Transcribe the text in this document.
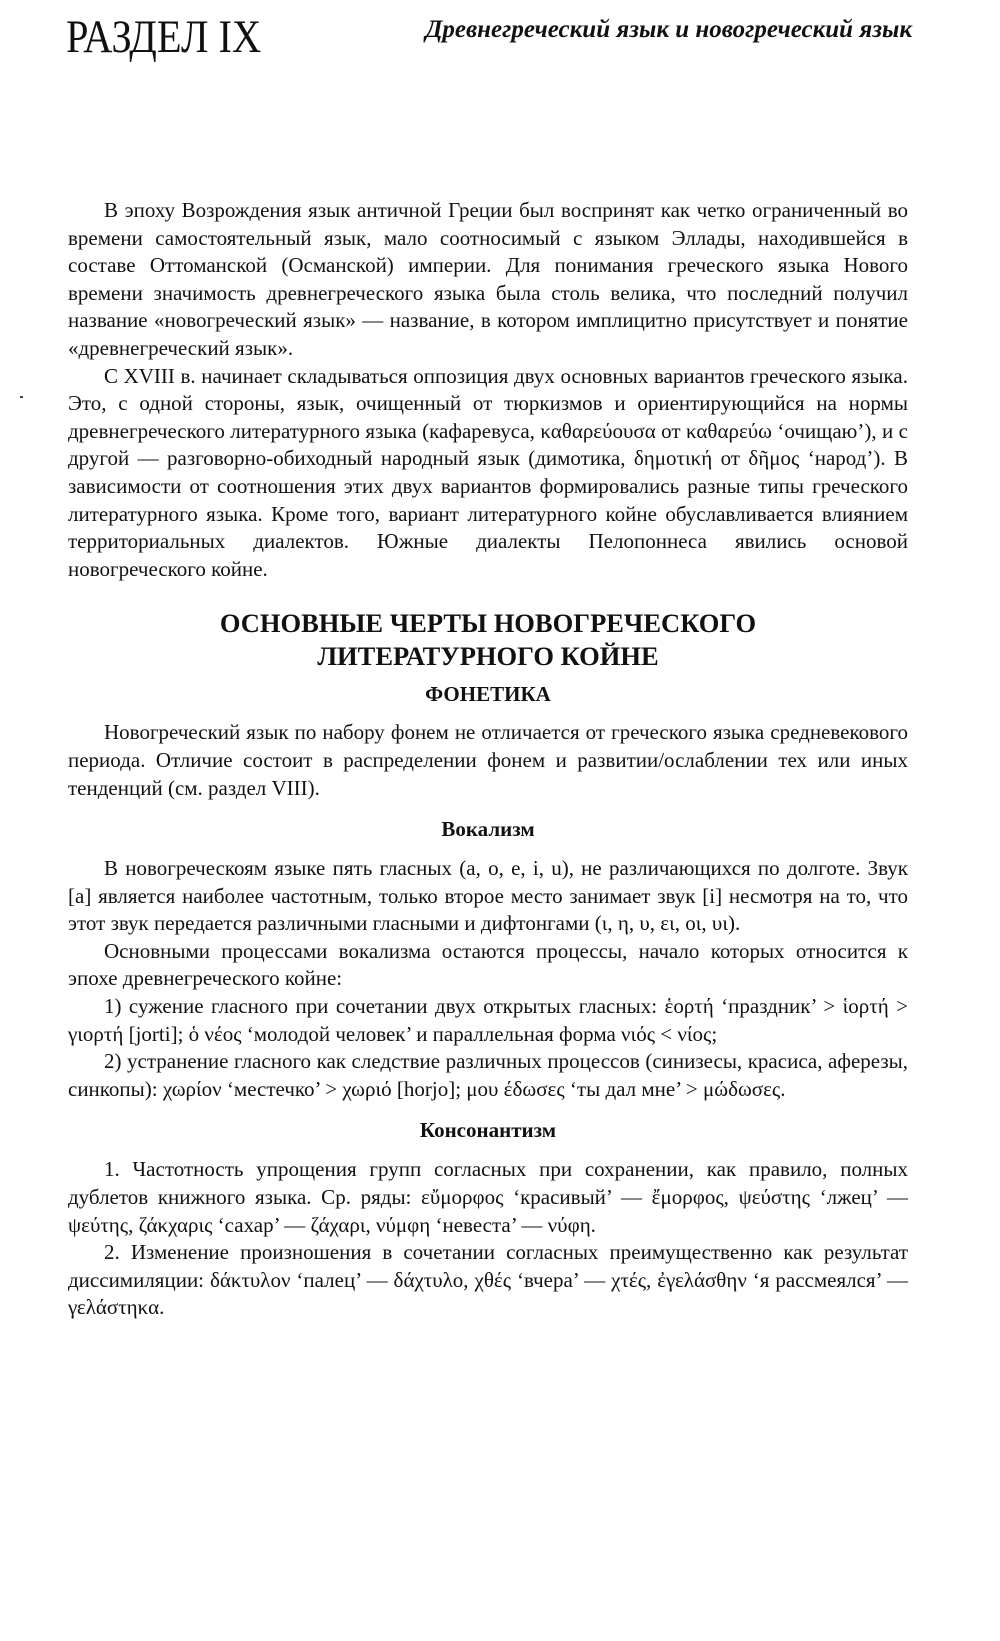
РАЗДЕЛ IX	Древнегреческий язык и новогреческий язык

В эпоху Возрождения язык античной Греции был воспринят как четко ограниченный во времени самостоятельный язык, мало соотносимый с языком Эллады, находившейся в составе Оттоманской (Османской) империи. Для понимания греческого языка Нового времени значимость древнегреческого языка была столь велика, что последний получил название «новогреческий язык» — название, в котором имплицитно присутствует и понятие «древнегреческий язык».

С XVIII в. начинает складываться оппозиция двух основных вариантов греческого языка. Это, с одной стороны, язык, очищенный от тюркизмов и ориентирующийся на нормы древнегреческого литературного языка (кафаревуса, καθαρεύουσα от καθαρεύω ‘очищаю’), и с другой — разговорно-обиходный народный язык (димотика, δημοτική от δῆμος ‘народ’). В зависимости от соотношения этих двух вариантов формировались разные типы греческого литературного языка. Кроме того, вариант литературного койне обуславливается влиянием территориальных диалектов. Южные диалекты Пелопоннеса явились основой новогреческого койне.

ОСНОВНЫЕ ЧЕРТЫ НОВОГРЕЧЕСКОГО
ЛИТЕРАТУРНОГО КОЙНЕ
ФОНЕТИКА

Новогреческий язык по набору фонем не отличается от греческого языка средневекового периода. Отличие состоит в распределении фонем и развитии/ослаблении тех или иных тенденций (см. раздел VIII).

Вокализм

В новогреческоям языке пять гласных (a, o, e, i, u), не различающихся по долготе. Звук [a] является наиболее частотным, только второе место занимает звук [i] несмотря на то, что этот звук передается различными гласными и дифтонгами (ι, η, υ, ει, οι, υι).

Основными процессами вокализма остаются процессы, начало которых относится к эпохе древнегреческого койне:

1) сужение гласного при сочетании двух открытых гласных: ἑορτή ‘праздник’ > ἱορτή > γιορτή [jorti]; ὁ νέος ‘молодой человек’ и параллельная форма νιός < νίος;

2) устранение гласного как следствие различных процессов (синизесы, красиса, аферезы, синкопы): χωρίον ‘местечко’ > χωριό [horjo]; μου έδωσες ‘ты дал мне’ > μώδωσες.

Консонантизм

1. Частотность упрощения групп согласных при сохранении, как правило, полных дублетов книжного языка. Ср. ряды: εὔμορφος ‘красивый’ — ἔμορφος, ψεύστης ‘лжец’ — ψεύτης, ζάκχαρις ‘сахар’ — ζάχαρι, νύμφη ‘невеста’ — νύφη.

2. Изменение произношения в сочетании согласных преимущественно как результат диссимиляции: δάκτυλον ‘палец’ — δάχτυλο, χθές ‘вчера’ — χτές, ἐγελάσθην ‘я рассмеялся’ — γελάστηκα.
